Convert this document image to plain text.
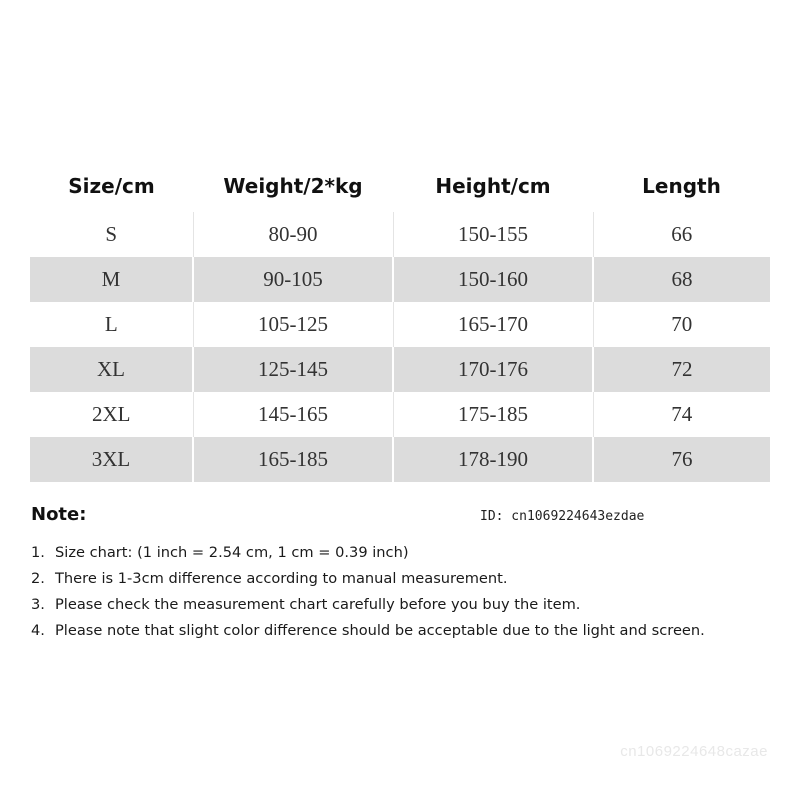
Size/cm	Weight/2*kg	Height/cm	Length
S	80-90	150-155	66
M	90-105	150-160	68
L	105-125	165-170	70
XL	125-145	170-176	72
2XL	145-165	175-185	74
3XL	165-185	178-190	76
Note:	ID: cn1069224643ezdae
1. Size chart: (1 inch = 2.54 cm, 1 cm = 0.39 inch)
2. There is 1-3cm difference according to manual measurement.
3. Please check the measurement chart carefully before you buy the item.
4. Please note that slight color difference should be acceptable due to the light and screen.
cn1069224648cazae
